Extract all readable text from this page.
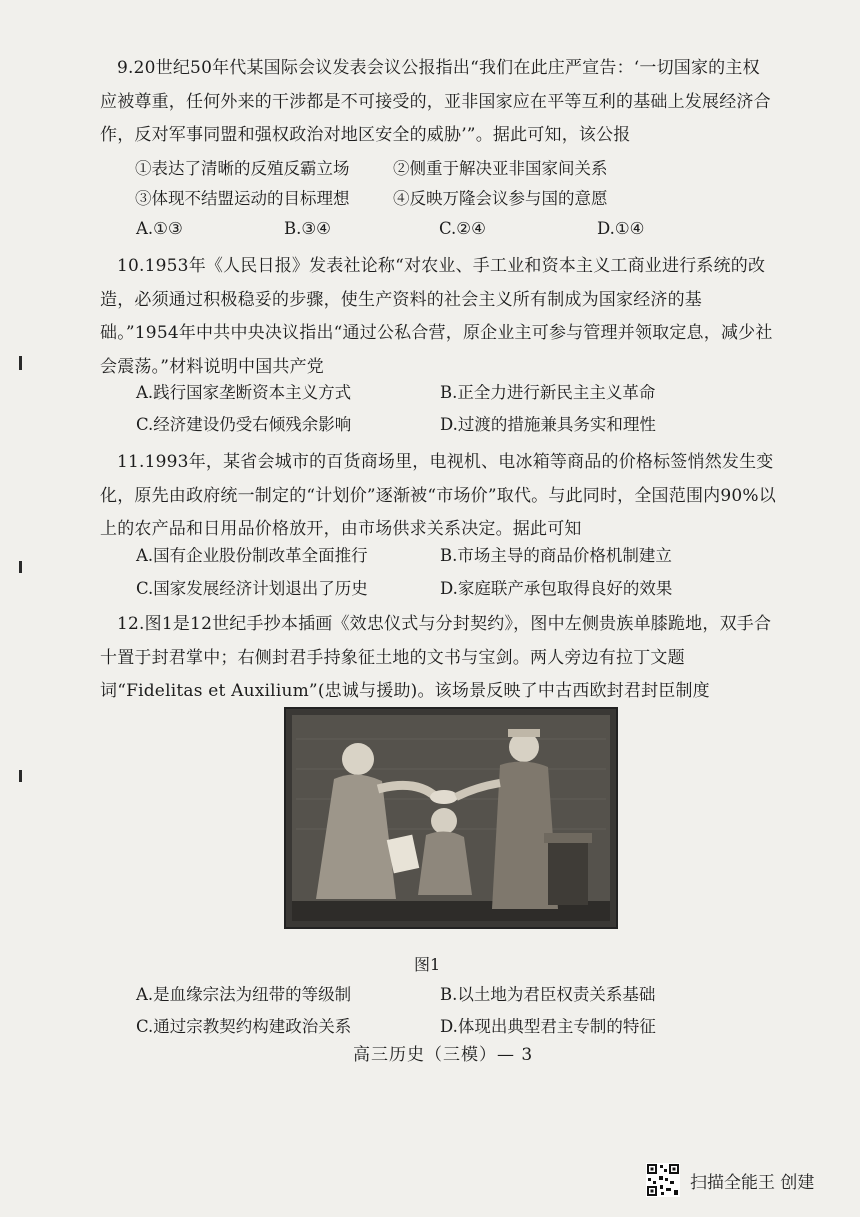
9.20世纪50年代某国际会议发表会议公报指出“我们在此庄严宣告：‘一切国家的主权应被尊重，任何外来的干涉都是不可接受的，亚非国家应在平等互利的基础上发展经济合作，反对军事同盟和强权政治对地区安全的威胁’”。据此可知，该公报
①表达了清晰的反殖反霸立场	②侧重于解决亚非国家间关系
③体现不结盟运动的目标理想	④反映万隆会议参与国的意愿
A.①③	B.③④	C.②④	D.①④
10.1953年《人民日报》发表社论称“对农业、手工业和资本主义工商业进行系统的改造，必须通过积极稳妥的步骤，使生产资料的社会主义所有制成为国家经济的基础。”1954年中共中央决议指出“通过公私合营，原企业主可参与管理并领取定息，减少社会震荡。”材料说明中国共产党
A.践行国家垄断资本主义方式	B.正全力进行新民主主义革命
C.经济建设仍受右倾残余影响	D.过渡的措施兼具务实和理性
11.1993年，某省会城市的百货商场里，电视机、电冰箱等商品的价格标签悄然发生变化，原先由政府统一制定的“计划价”逐渐被“市场价”取代。与此同时，全国范围内90%以上的农产品和日用品价格放开，由市场供求关系决定。据此可知
A.国有企业股份制改革全面推行	B.市场主导的商品价格机制建立
C.国家发展经济计划退出了历史	D.家庭联产承包取得良好的效果
12.图1是12世纪手抄本插画《效忠仪式与分封契约》，图中左侧贵族单膝跪地，双手合十置于封君掌中；右侧封君手持象征土地的文书与宝剑。两人旁边有拉丁文题词“Fidelitas et Auxilium”(忠诚与援助)。该场景反映了中古西欧封君封臣制度
图1
A.是血缘宗法为纽带的等级制	B.以土地为君臣权责关系基础
C.通过宗教契约构建政治关系	D.体现出典型君主专制的特征
高三历史（三模）— 3
扫描全能王 创建
